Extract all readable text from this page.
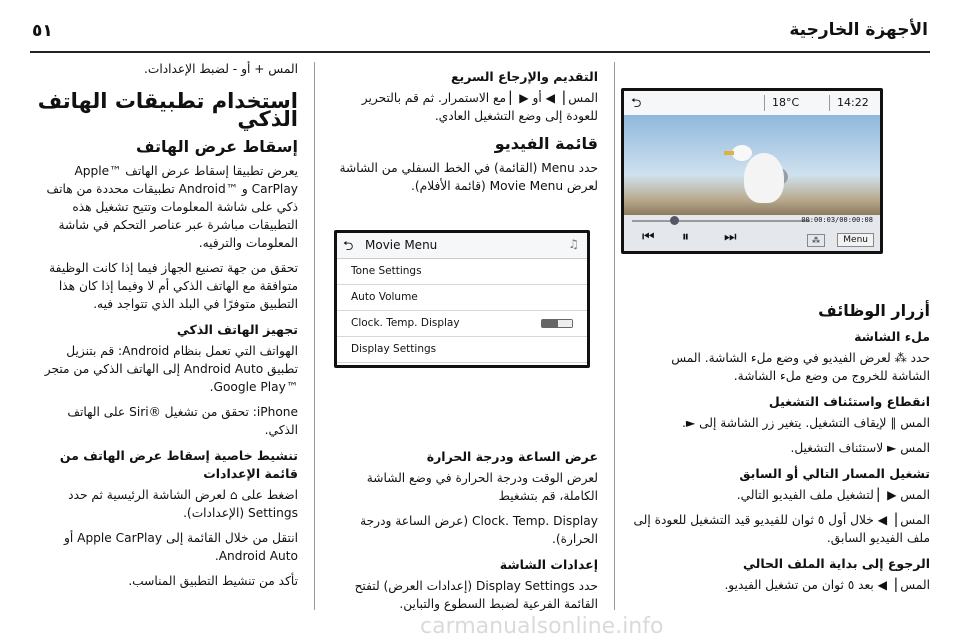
٥١	الأجهزة الخارجية
⮌	18°C	14:22
00:00:03/00:00:08
⏮ ⏸	⏭	⁂	Menu
⮌ Movie Menu	♫
Tone Settings
Auto Volume
Clock. Temp. Display
Display Settings
أزرار الوظائف
ملء الشاشة

حدد ⁂ لعرض الفيديو في وضع ملء الشاشة. المس الشاشة للخروج من وضع ملء الشاشة.

انقطاع واستئناف التشغيل

المس ∥ لإيقاف التشغيل. يتغير زر الشاشة إلى ►.

المس ► لاستئناف التشغيل.

تشغيل المسار التالي أو السابق

المس ▶▏ لتشغيل ملف الفيديو التالي.

المس ▕◀ خلال أول ٥ ثوان للفيديو قيد التشغيل للعودة إلى ملف الفيديو السابق.

الرجوع إلى بداية الملف الحالي

المس ▕◀ بعد ٥ ثوان من تشغيل الفيديو.

التقديم والإرجاع السريع

المس ▕◀ أو ▶▏ مع الاستمرار. ثم قم بالتحرير للعودة إلى وضع التشغيل العادي.

قائمة الفيديو

حدد Menu (القائمة) في الخط السفلي من الشاشة لعرض Movie Menu (قائمة الأفلام).

عرض الساعة ودرجة الحرارة

لعرض الوقت ودرجة الحرارة في وضع الشاشة الكاملة، قم بتشغيط

Clock. Temp. Display (عرض الساعة ودرجة الحرارة).

إعدادات الشاشة

حدد Display Settings (إعدادات العرض) لتفتح القائمة الفرعية لضبط السطوع والتباين.

المس + أو - لضبط الإعدادات.

استخدام تطبيقات الهاتف الذكي
إسقاط عرض الهاتف

يعرض تطبيقا إسقاط عرض الهاتف ™Apple CarPlay و ™Android تطبيقات محددة من هاتف ذكي على شاشة المعلومات وتتيح تشغيل هذه التطبيقات مباشرة عبر عناصر التحكم في شاشة المعلومات والترفيه.

تحقق من جهة تصنيع الجهاز فيما إذا كانت الوظيفة متوافقة مع الهاتف الذكي أم لا وفيما إذا كان هذا التطبيق متوفرًا في البلد الذي تتواجد فيه.

تجهيز الهاتف الذكي

الهواتف التي تعمل بنظام Android: قم بتنزيل تطبيق Android Auto إلى الهاتف الذكي من متجر ™Google Play.

iPhone: تحقق من تشغيل ®Siri على الهاتف الذكي.

تنشيط خاصية إسقاط عرض الهاتف من قائمة الإعدادات

اضغط على ⌂ لعرض الشاشة الرئيسية ثم حدد Settings (الإعدادات).

انتقل من خلال القائمة إلى Apple CarPlay أو Android Auto.

تأكد من تنشيط التطبيق المناسب.

carmanualsonline.info
